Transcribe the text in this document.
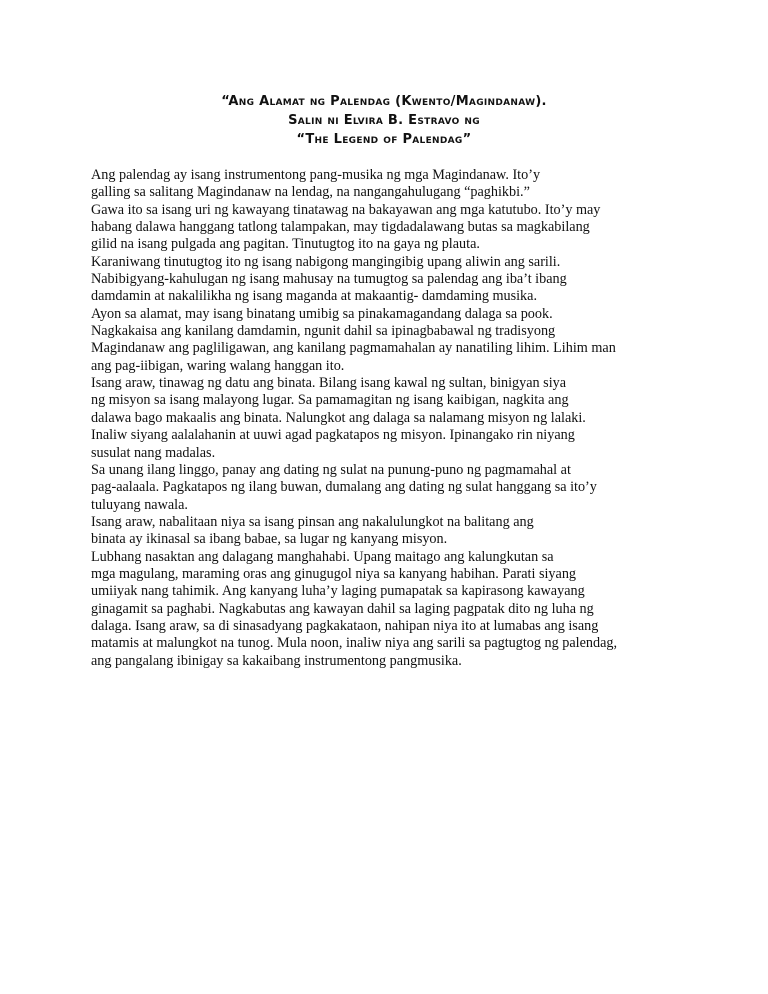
“Ang Alamat ng Palendag (Kwento/Magindanaw).
Salin ni Elvira B. Estravo ng
“The Legend of Palendag”
Ang palendag ay isang instrumentong pang-musika ng mga Magindanaw. Ito’y
galling sa salitang Magindanaw na lendag, na nangangahulugang “paghikbi.”
Gawa ito sa isang uri ng kawayang tinatawag na bakayawan ang mga katutubo. Ito’y may
habang dalawa hanggang tatlong talampakan, may tigdadalawang butas sa magkabilang
gilid na isang pulgada ang pagitan. Tinutugtog ito na gaya ng plauta.
Karaniwang tinutugtog ito ng isang nabigong mangingibig upang aliwin ang sarili.
Nabibigyang-kahulugan ng isang mahusay na tumugtog sa palendag ang iba’t ibang
damdamin at nakalilikha ng isang maganda at makaantig- damdaming musika.
Ayon sa alamat, may isang binatang umibig sa pinakamagandang dalaga sa pook.
Nagkakaisa ang kanilang damdamin, ngunit dahil sa ipinagbabawal ng tradisyong
Magindanaw ang pagliligawan, ang kanilang pagmamahalan ay nanatiling lihim. Lihim man
ang pag-iibigan, waring walang hanggan ito.
Isang araw, tinawag ng datu ang binata. Bilang isang kawal ng sultan, binigyan siya
ng misyon sa isang malayong lugar. Sa pamamagitan ng isang kaibigan, nagkita ang
dalawa bago makaalis ang binata. Nalungkot ang dalaga sa nalamang misyon ng lalaki.
Inaliw siyang aalalahanin at uuwi agad pagkatapos ng misyon. Ipinangako rin niyang
susulat nang madalas.
Sa unang ilang linggo, panay ang dating ng sulat na punung-puno ng pagmamahal at
pag-aalaala. Pagkatapos ng ilang buwan, dumalang ang dating ng sulat hanggang sa ito’y
tuluyang nawala.
Isang araw, nabalitaan niya sa isang pinsan ang nakalulungkot na balitang ang
binata ay ikinasal sa ibang babae, sa lugar ng kanyang misyon.
Lubhang nasaktan ang dalagang manghahabi. Upang maitago ang kalungkutan sa
mga magulang, maraming oras ang ginugugol niya sa kanyang habihan. Parati siyang
umiiyak nang tahimik. Ang kanyang luha’y laging pumapatak sa kapirasong kawayang
ginagamit sa paghabi. Nagkabutas ang kawayan dahil sa laging pagpatak dito ng luha ng
dalaga. Isang araw, sa di sinasadyang pagkakataon, nahipan niya ito at lumabas ang isang
matamis at malungkot na tunog. Mula noon, inaliw niya ang sarili sa pagtugtog ng palendag,
ang pangalang ibinigay sa kakaibang instrumentong pangmusika.
